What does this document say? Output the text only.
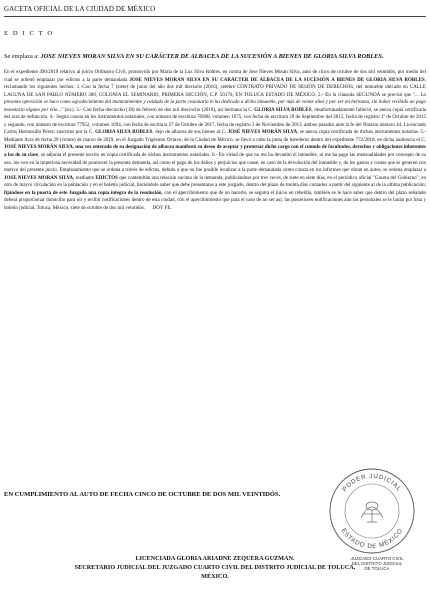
GACETA OFICIAL DE LA CIUDAD DE MÉXICO
E D I C T O

Se emplaza a: JOSE NIEVES MORAN SILVA EN SU CARÁCTER DE ALBACEA DE LA SUCESIÓN A BIENES DE GLORIA SILVA ROBLES.

En el expediente 490/2019 relativo al juicio Ordinario Civil, promovido por Maria de la Luz Silva Robles, en contra de Jose Nieves Moran Silva, auto de cinco de octubre de dos mil veintidós, por medio del cual se ordenó emplazar por edictos a la parte demandada JOSE NIEVES MORAN SILVA EN SU CARÁCTER DE ALBACEA DE LA SUCESIÓN A BIENES DE GLORIA SILVA ROBLES, reclamando los siguientes hechos: 1.-Con la fecha 7 (siete) de junio del año dos mil dieciséis (2016), celebré CONTRATO PRIVADO DE SESIÓN DE DERECHOS, del inmueble ubicado en CALLE LAGUNA DE SAN PABLO NÚMERO 300, COLONIA EL SEMINARIO, PRIMERA SECCIÓN, C.P. 50170, EN TOLUCA ESTADO DE MÉXICO. 2.- En la cláusula SEGUNDA se precisó que "... La presente operación se hace como agradecimiento del mantenimiento y cuidado de la parte cesionaria le ha dedicado a dicho inmueble, por más de veinte años y por ser mi hermana, sin haber recibido un pago monetario alguno por ello..." (sic). 3.- Con fecha dieciocho (18) de febrero de dos mil dieciocho (2018), mi hermana la C. GLORIA SILVA ROBLES, desafortunadamente falleció, se anexa copia certificada del acta de defunción. 4.- Según consta en los instrumentos notariales, con número de escritura 76968, volumen 1675, con fecha de escritura 29 de Septiembre del 2015, fecha de registro 1º de Octubre de 2015 y segundo, con número de escritura 77952, volumen 1694, con fecha de escritura 27 de Octubre de 2017, fecha de registro 3 de Noviembre de 2013, ambos pasados ante la fe del Notario número 44, Licenciado Carlos Hermosillo Pérez; suscritos por la C. GLORIA SILVA ROBLES, dejo de albacea de sus bienes al C. JOSÉ NIEVES MORÁN SILVA, se anexa copia certificada de dichos instrumentos notarias. 5.- Mediante Acta de fecha 20 (veinte) de marzo de 2019, en el Juzgado Trigésimo Octavo, de la Ciudad de México, se llevó a cabo la junta de herederos dentro del expediente 772/2018, en dicha audiencia el C. JOSÉ NIEVES MORÁN SILVA, una vez enterado de su designación de albacea manifestó su deseo de aceptar y protestar dicho cargo con el cumulo de facultades, derechos y obligaciones inherentes a los de su clase, se adjunta el presente escrito en copia certificada de dichos instrumentos notariales. 6.- En virtud de que no me ha devuelto el inmueble, ni me ha pago las mensualidades por concepto de su uso, me veo en la imperiosa necesidad de promover la presente demanda, así como el pago de los daños y perjuicios que cause, en caso de la devolución del inmueble y, de los gastos y costas que se generen con motivo del presente juicio. Emplazamiento que se ordena a través de edictos, debido a que no fue posible localizar a la parte demandada como consta en los informes que obran en autos, se ordena emplazar a JOSE NIEVES MORAN SILVA, mediante EDICTOS que contendrán una relación sucinta de la demanda, publicándose por tres veces, de siete en siete días, en el periódico oficial "Gaceta del Gobierno", en otro de mayor circulación en la población y en el boletín judicial, haciéndole saber que debe presentarse a este juzgado, dentro del plazo de treinta días contados a partir del siguiente al de la ultima publicación; fijándose en la puerta de este Juzgado una copia íntegra de la resolución, con el apercibimiento que de no hacerlo, se seguirá el juicio en rebeldía, también se le hace saber que dentro del plazo señalado deberá proporcionar domicilio para oír y recibir notificaciones dentro de esta ciudad, con el apercibimiento que para el caso de no ser así, las posteriores notificaciones aún las personales se le harán por lista y boletín judicial. Toluca, México, siete de octubre de dos mil veintidós. DOY FE.

EN CUMPLIMIENTO AL AUTO DE FECHA CINCO DE OCTUBRE DE DOS MIL VEINTIDÓS.
PODER JUDICIAL
ESTADO DE MÉXICO
JUZGADO CUARTO CIVIL
DEL DISTRITO JUDICIAL
DE TOLUCA
LICENCIADA GLORIA ARIADNE ZEQUERA GUZMAN.
SECRETARIO JUDICIAL DEL JUZGADO CUARTO CIVIL DEL DISTRITO JUDICIAL DE TOLUCA,
MÉXICO.
